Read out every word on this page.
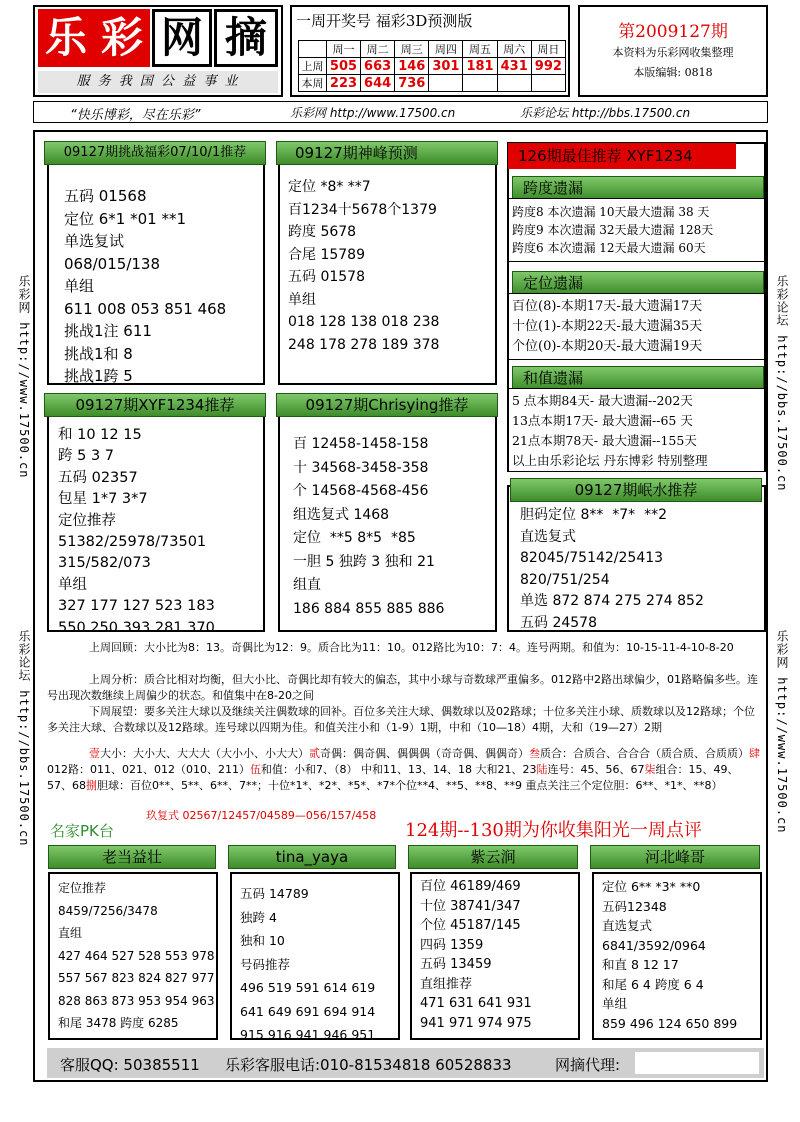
乐 彩 网 摘
服 务 我 国 公 益 事 业
一周开奖号 福彩3D预测版
	周一	周二	周三	周四	周五	周六	周日
上周	505	663	146	301	181	431	992
本周	223	644	736				
第2009127期
本资料为乐彩网收集整理
本版编辑: 0818
“快乐博彩，尽在乐彩”	乐彩网 http://www.17500.cn	乐彩论坛 http://bbs.17500.cn
乐彩网 http://www.17500.cn
乐彩论坛 http://bbs.17500.cn
乐彩论坛 http://bbs.17500.cn
乐彩网 http://www.17500.cn
09127期挑战福彩07/10/1推荐
五码 01568
定位 6*1 *01 **1
单选复试
068/015/138
单组
611 008 053 851 468
挑战1注 611
挑战1和 8
挑战1跨 5
09127期神峰预测
定位 *8* **7
百1234十5678个1379
跨度 5678
合尾 15789
五码 01578
单组
018 128 138 018 238
248 178 278 189 378
126期最佳推荐 XYF1234
跨度遗漏
跨度8 本次遗漏 10天最大遗漏 38 天
跨度9 本次遗漏 32天最大遗漏 128天
跨度6 本次遗漏 12天最大遗漏 60天
定位遗漏
百位(8)-本期17天-最大遗漏17天
十位(1)-本期22天-最大遗漏35天
个位(0)-本期20天-最大遗漏19天
和值遗漏
5 点本期84天- 最大遗漏--202天
13点本期17天- 最大遗漏--65 天
21点本期78天- 最大遗漏--155天
以上由乐彩论坛 丹东博彩 特别整理
09127期XYF1234推荐
和 10 12 15
跨 5 3 7
五码 02357
包星 1*7 3*7
定位推荐
51382/25978/73501
315/582/073
单组
327 177 127 523 183
550 250 393 281 370
09127期Chrisying推荐
百 12458-1458-158
十 34568-3458-358
个 14568-4568-456
组选复式 1468
定位  **5 8*5  *85
一胆 5 独跨 3 独和 21
组直
186 884 855 885 886
09127期岷水推荐
胆码定位 8**  *7*  **2
直选复式
82045/75142/25413
820/751/254
单选 872 874 275 274 852
五码 24578
上周回顾：大小比为8：13。奇偶比为12：9。质合比为11：10。012路比为10：7：4。连号两期。和值为：10-15-11-4-10-8-20
上周分析：质合比相对均衡，但大小比、奇偶比却有较大的偏态，其中小球与奇数球严重偏多。012路中2路出球偏少，01路略偏多些。连号出现次数继续上周偏少的状态。和值集中在8-20之间
下周展望：要多关注大球以及继续关注偶数球的回补。百位多关注大球、偶数球以及02路球；十位多关注小球、质数球以及12路球；个位多关注大球、合数球以及12路球。连号球以四期为佳。和值关注小和（1-9）1期，中和（10—18）4期，大和（19—27）2期
壹大小：大小大、大大大（大小小、小大大）贰奇偶：偶奇偶、偶偶偶（奇奇偶、偶偶奇）叁质合：合质合、合合合（质合质、合质质）肆012路：011、021、012（010、211）伍和值：小和7、（8） 中和11、13、14、18 大和21、23陆连号：45、56、67柒组合：15、49、57、68捌胆球：百位0**、5**、6**、7**；十位*1*、*2*、*5*、*7*个位**4、**5、**8、**9 重点关注三个定位胆：6**、*1*、**8）
玖复式 02567/12457/04589—056/157/458
名家PK台	124期--130期为你收集阳光一周点评
老当益壮
定位推荐
8459/7256/3478
直组
427 464 527 528 553 978
557 567 823 824 827 977
828 863 873 953 954 963
和尾 3478 跨度 6285
tina_yaya
五码 14789
独跨 4
独和 10
号码推荐
496 519 591 614 619
641 649 691 694 914
915 916 941 946 951
紫云涧
百位 46189/469
十位 38741/347
个位 45187/145
四码 1359
五码 13459
直组推荐
471 631 641 931
941 971 974 975
河北峰哥
定位 6** *3* **0
五码12348
直选复式
6841/3592/0964
和直 8 12 17
和尾 6 4 跨度 6 4
单组
859 496 124 650 899
客服QQ: 50385511 乐彩客服电话:010-81534818 60528833	网摘代理:
